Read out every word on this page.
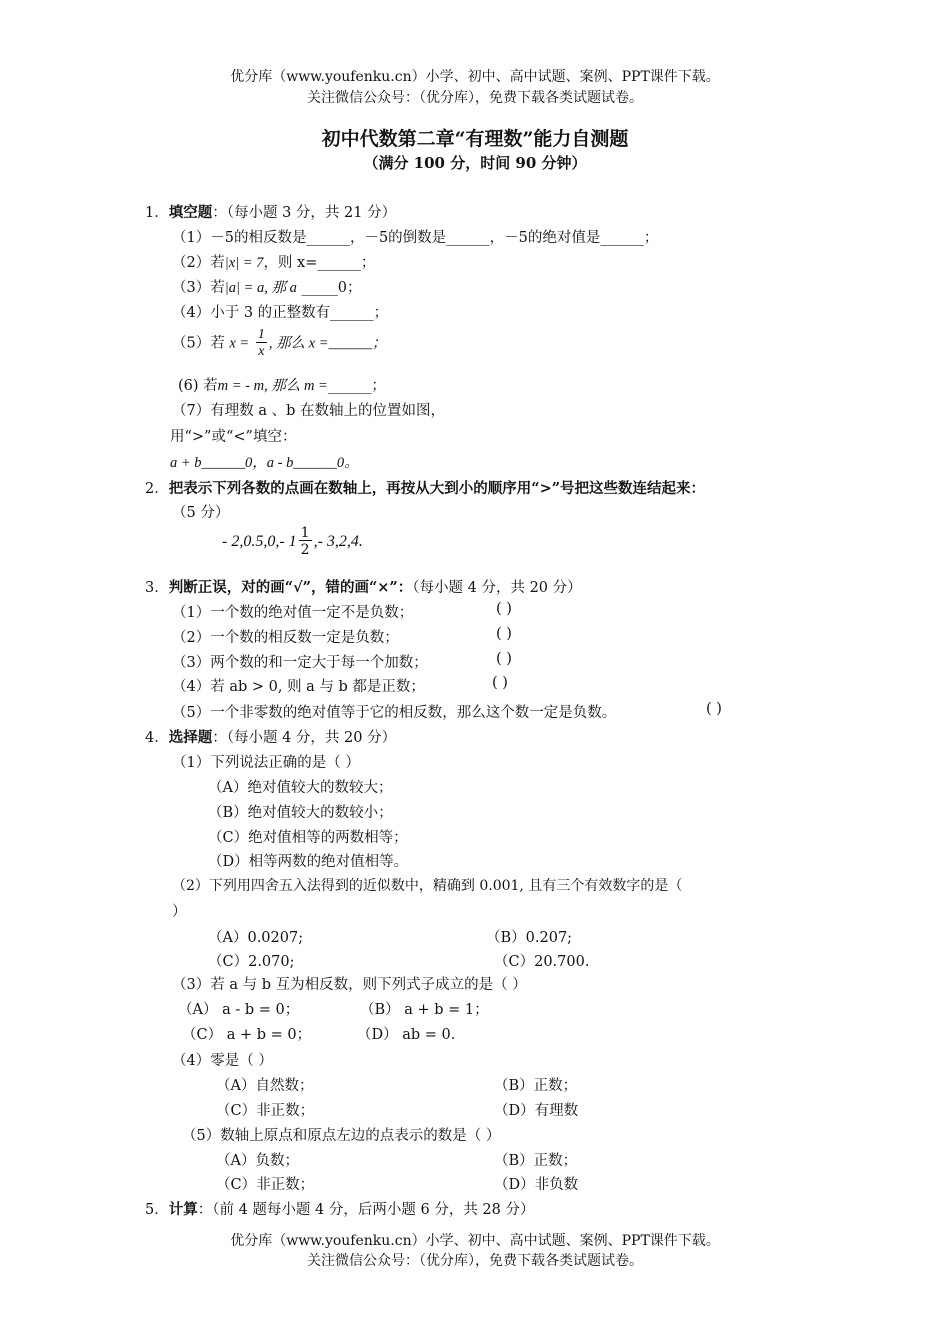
优分库（www.youfenku.cn）小学、初中、高中试题、案例、PPT课件下载。
关注微信公众号：（优分库），免费下载各类试题试卷。
初中代数第二章“有理数”能力自测题
（满分 100 分，时间 90 分钟）
1．填空题：（每小题 3 分，共 21 分）
（1）－5的相反数是______，－5的倒数是______，－5的绝对值是______；
（2）若|x| = 7，则 x=______；
（3）若|a| = a, 那 a _____0；
（4）小于 3 的正整数有______；
（5）若 $x = \frac{1}{x}$ , 那么 x =______；
(6) 若m = - m, 那么 m =______；
（7）有理数 a 、b 在数轴上的位置如图，
用“>”或“<”填空：
a + b______0，a - b______0。
2．把表示下列各数的点画在数轴上，再按从大到小的顺序用“>”号把这些数连结起来：
（5 分）
- 2,0.5,0,- $1 \frac{1}{2}$ ,- 3,2,4.
3．判断正误，对的画“√”，错的画“×”：（每小题 4 分，共 20 分）
（1）一个数的绝对值一定不是负数；	( )
（2）一个数的相反数一定是负数；	( )
（3）两个数的和一定大于每一个加数；	( )
（4）若 ab > 0, 则 a 与 b 都是正数；	( )
（5）一个非零数的绝对值等于它的相反数，那么这个数一定是负数。	( )
4．选择题：（每小题 4 分，共 20 分）
（1）下列说法正确的是（ ）
（A）绝对值较大的数较大；
（B）绝对值较大的数较小；
（C）绝对值相等的两数相等；
（D）相等两数的绝对值相等。
（2）下列用四舍五入法得到的近似数中，精确到 0.001, 且有三个有效数字的是（
）
（A）0.0207;	（B）0.207;
（C）2.070;	（C）20.700.
（3）若 a 与 b 互为相反数，则下列式子成立的是（ ）
（A） a - b = 0；	（B） a + b = 1；
（C） a + b = 0；	（D） ab = 0.
（4）零是（ ）
（A）自然数；	（B）正数；
（C）非正数；	（D）有理数
（5）数轴上原点和原点左边的点表示的数是（ ）
（A）负数；	（B）正数；
（C）非正数；	（D）非负数
5．计算：（前 4 题每小题 4 分，后两小题 6 分，共 28 分）
优分库（www.youfenku.cn）小学、初中、高中试题、案例、PPT课件下载。
关注微信公众号：（优分库），免费下载各类试题试卷。
